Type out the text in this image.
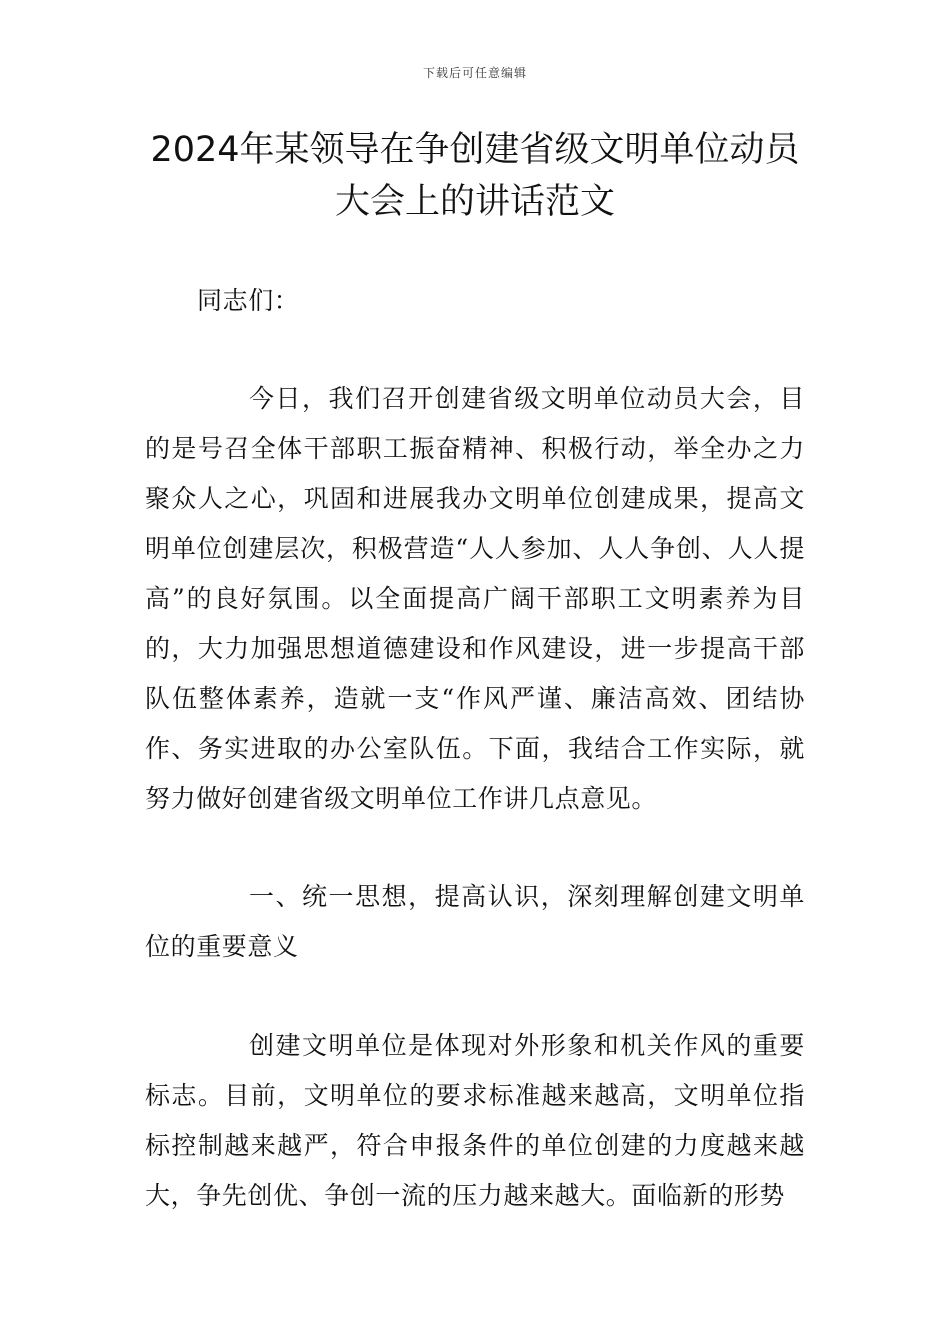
下载后可任意编辑
2024年某领导在争创建省级文明单位动员大会上的讲话范文

同志们：

今日，我们召开创建省级文明单位动员大会，目的是号召全体干部职工振奋精神、积极行动，举全办之力聚众人之心，巩固和进展我办文明单位创建成果，提高文明单位创建层次，积极营造“人人参加、人人争创、人人提高”的良好氛围。以全面提高广阔干部职工文明素养为目的，大力加强思想道德建设和作风建设，进一步提高干部队伍整体素养，造就一支“作风严谨、廉洁高效、团结协作、务实进取的办公室队伍。下面，我结合工作实际，就努力做好创建省级文明单位工作讲几点意见。

一、统一思想，提高认识，深刻理解创建文明单位的重要意义

创建文明单位是体现对外形象和机关作风的重要标志。目前，文明单位的要求标准越来越高，文明单位指标控制越来越严，符合申报条件的单位创建的力度越来越大，争先创优、争创一流的压力越来越大。面临新的形势
